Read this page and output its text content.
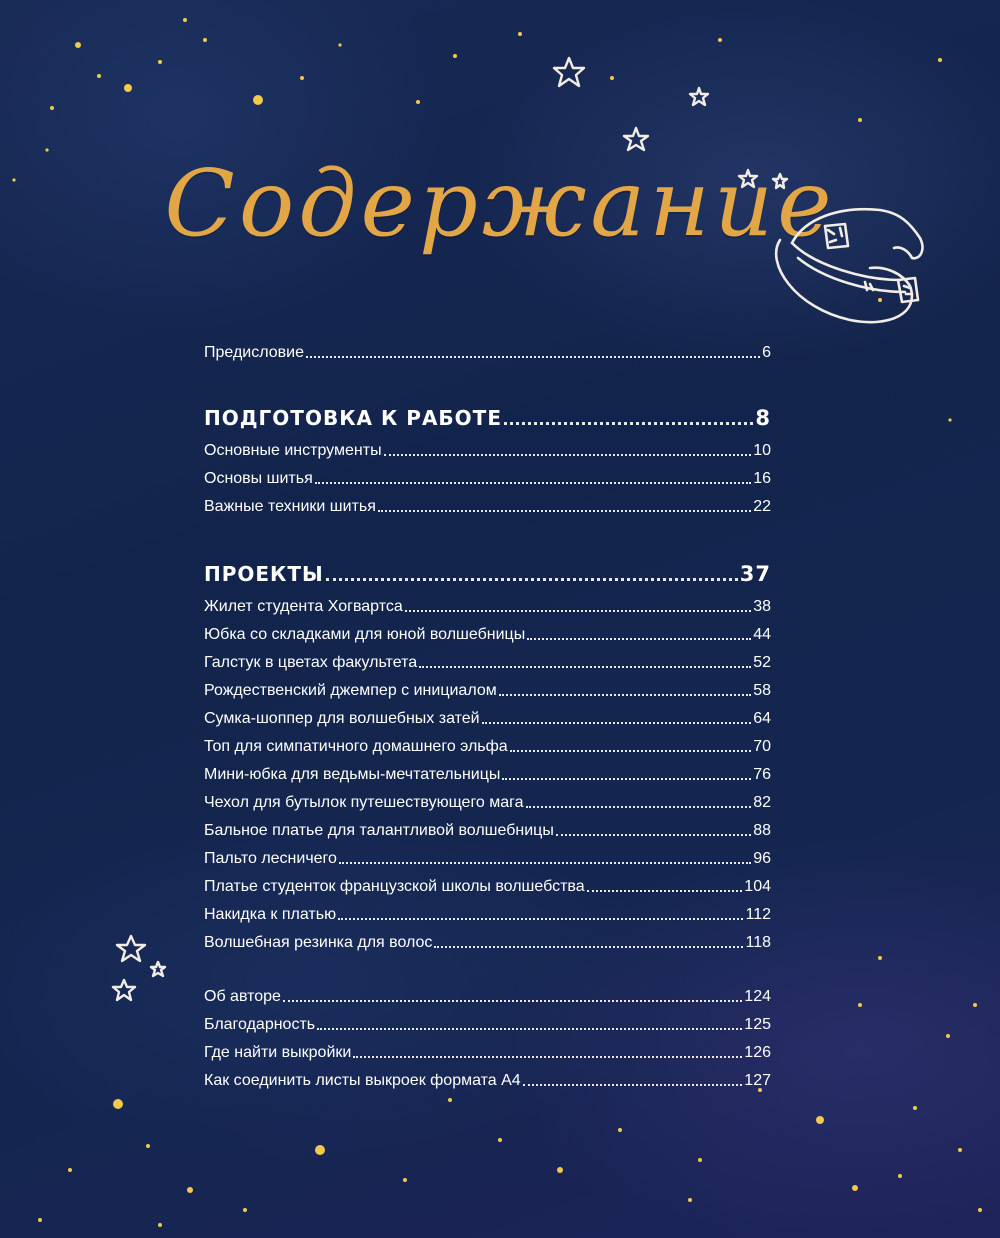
Содержание
Предисловие	6
ПОДГОТОВКА К РАБОТЕ	8
Основные инструменты	10
Основы шитья	16
Важные техники шитья	22
ПРОЕКТЫ	37
Жилет студента Хогвартса	38
Юбка со складками для юной волшебницы	44
Галстук в цветах факультета	52
Рождественский джемпер с инициалом	58
Сумка-шоппер для волшебных затей	64
Топ для симпатичного домашнего эльфа	70
Мини-юбка для ведьмы-мечтательницы	76
Чехол для бутылок путешествующего мага	82
Бальное платье для талантливой волшебницы	88
Пальто лесничего	96
Платье студенток французской школы волшебства	104
Накидка к платью	112
Волшебная резинка для волос	118
Об авторе	124
Благодарность	125
Где найти выкройки	126
Как соединить листы выкроек формата А4	127
